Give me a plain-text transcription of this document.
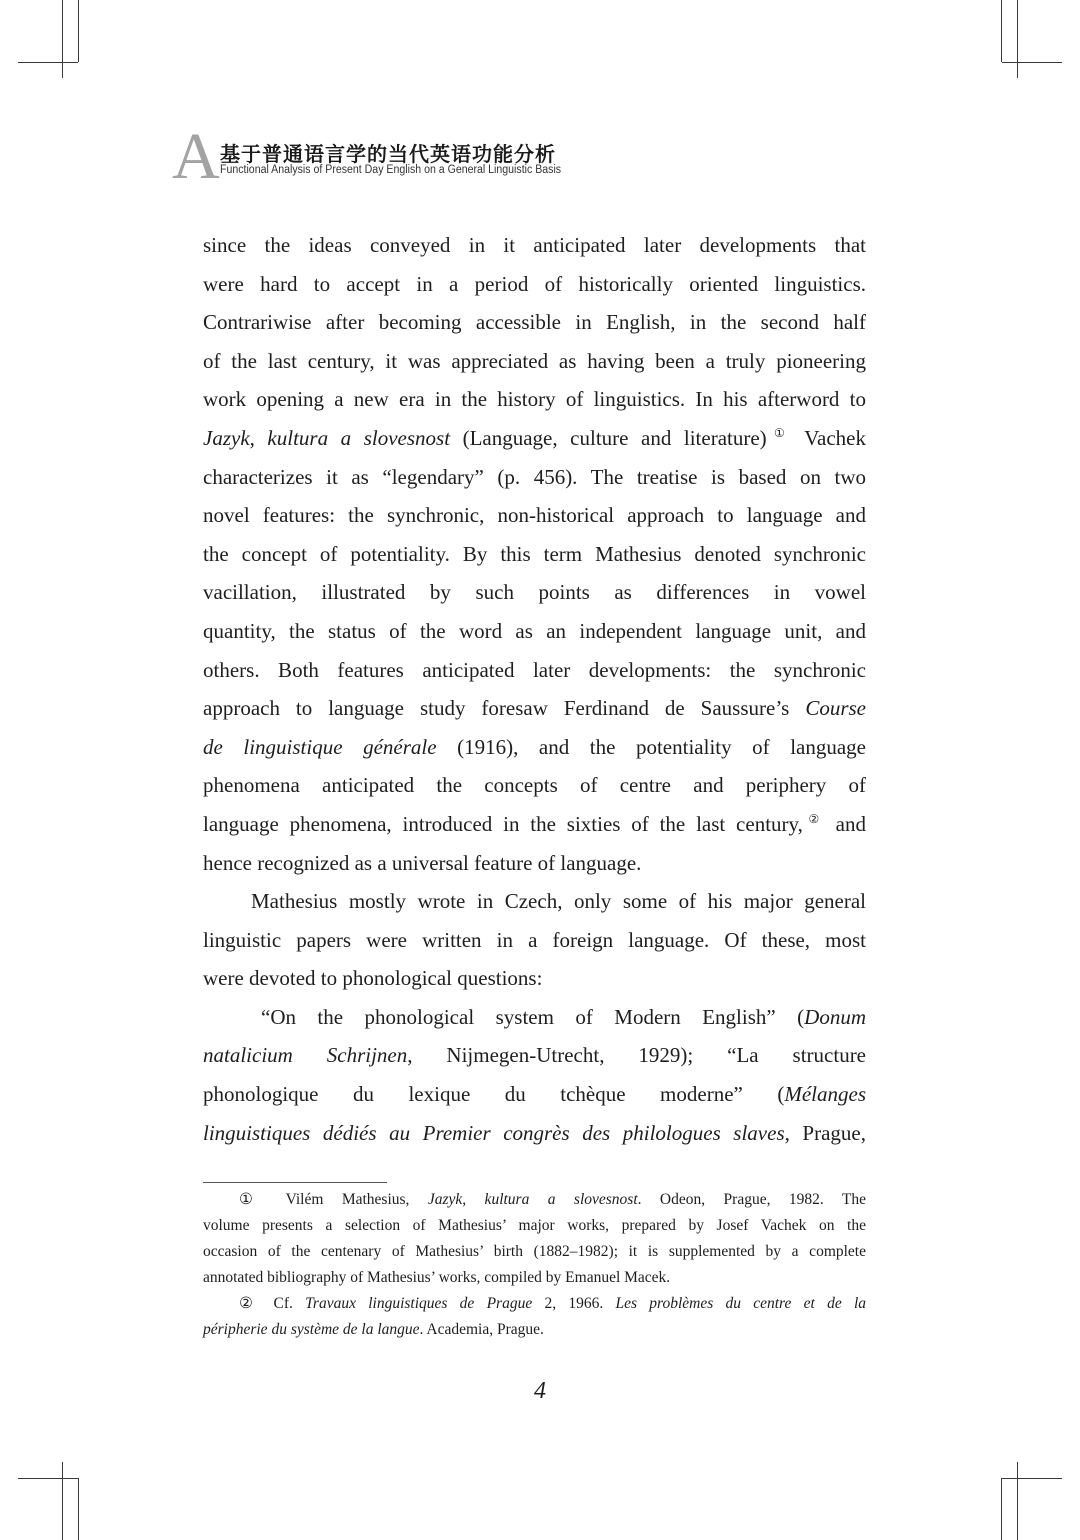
A 基于普通语言学的当代英语功能分析
Functional Analysis of Present Day English on a General Linguistic Basis
since the ideas conveyed in it anticipated later developments that
were hard to accept in a period of historically oriented linguistics.
Contrariwise after becoming accessible in English, in the second half
of the last century, it was appreciated as having been a truly pioneering
work opening a new era in the history of linguistics. In his afterword to
Jazyk, kultura a slovesnost (Language, culture and literature)① Vachek
characterizes it as “legendary” (p. 456). The treatise is based on two
novel features: the synchronic, non-historical approach to language and
the concept of potentiality. By this term Mathesius denoted synchronic
vacillation, illustrated by such points as differences in vowel
quantity, the status of the word as an independent language unit, and
others. Both features anticipated later developments: the synchronic
approach to language study foresaw Ferdinand de Saussure’s Course
de linguistique générale (1916), and the potentiality of language
phenomena anticipated the concepts of centre and periphery of
language phenomena, introduced in the sixties of the last century,② and
hence recognized as a universal feature of language.
Mathesius mostly wrote in Czech, only some of his major general
linguistic papers were written in a foreign language. Of these, most
were devoted to phonological questions:
“On the phonological system of Modern English” (Donum
natalicium Schrijnen, Nijmegen-Utrecht, 1929); “La structure
phonologique du lexique du tchèque moderne” (Mélanges
linguistiques dédiés au Premier congrès des philologues slaves, Prague,
① Vilém Mathesius, Jazyk, kultura a slovesnost. Odeon, Prague, 1982. The
volume presents a selection of Mathesius’ major works, prepared by Josef Vachek on the
occasion of the centenary of Mathesius’ birth (1882–1982); it is supplemented by a complete
annotated bibliography of Mathesius’ works, compiled by Emanuel Macek.
② Cf. Travaux linguistiques de Prague 2, 1966. Les problèmes du centre et de la
péripherie du système de la langue. Academia, Prague.
4
